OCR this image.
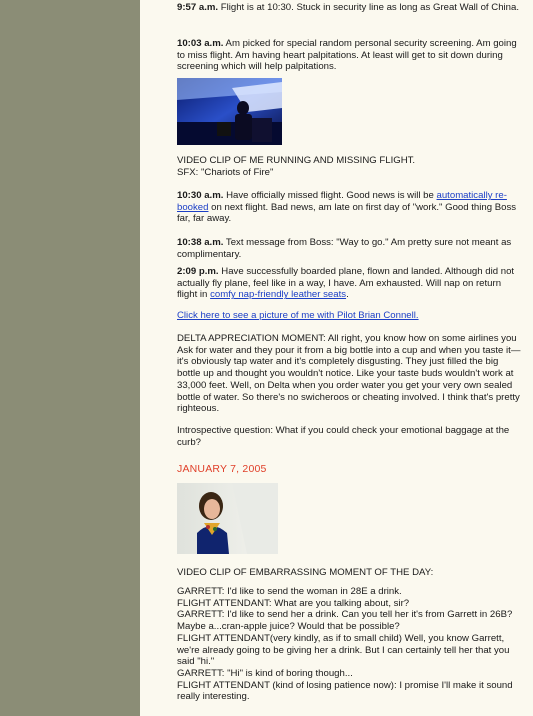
9:57 a.m. Flight is at 10:30. Stuck in security line as long as Great Wall of China.

10:03 a.m. Am picked for special random personal security screening. Am going to miss flight. Am having heart palpitations. At least will get to sit down during screening which will help palpitations.

VIDEO CLIP OF ME RUNNING AND MISSING FLIGHT.
SFX: "Chariots of Fire"

10:30 a.m. Have officially missed flight. Good news is will be automatically re-booked on next flight. Bad news, am late on first day of "work." Good thing Boss far, far away.

10:38 a.m. Text message from Boss: "Way to go." Am pretty sure not meant as complimentary.

2:09 p.m. Have successfully boarded plane, flown and landed. Although did not actually fly plane, feel like in a way, I have. Am exhausted. Will nap on return flight in comfy nap-friendly leather seats.

Click here to see a picture of me with Pilot Brian Connell.

DELTA APPRECIATION MOMENT: All right, you know how on some airlines you Ask for water and they pour it from a big bottle into a cup and when you taste it—it's obviously tap water and it's completely disgusting. They just filled the big bottle up and thought you wouldn't notice. Like your taste buds wouldn't work at 33,000 feet. Well, on Delta when you order water you get your very own sealed bottle of water. So there's no swicheroos or cheating involved. I think that's pretty righteous.

Introspective question: What if you could check your emotional baggage at the curb?

JANUARY 7, 2005

VIDEO CLIP OF EMBARRASSING MOMENT OF THE DAY:

GARRETT: I'd like to send the woman in 28E a drink.

FLIGHT ATTENDANT: What are you talking about, sir?

GARRETT: I'd like to send her a drink. Can you tell her it's from Garrett in 26B? Maybe a...cran-apple juice? Would that be possible?

FLIGHT ATTENDANT(very kindly, as if to small child) Well, you know Garrett, we're already going to be giving her a drink. But I can certainly tell her that you said "hi."

GARRETT: "Hi" is kind of boring though...

FLIGHT ATTENDANT (kind of losing patience now): I promise I'll make it sound really interesting.
